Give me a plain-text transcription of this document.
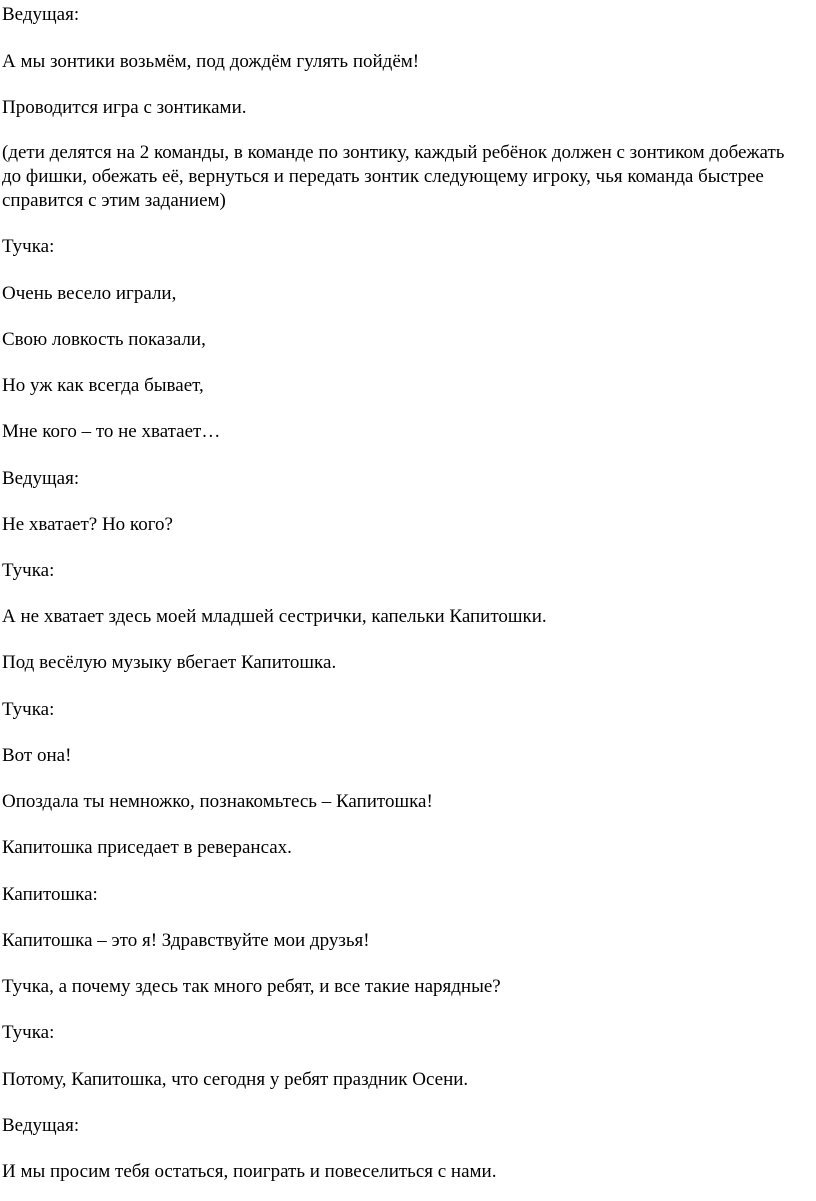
Ведущая:

А мы зонтики возьмём, под дождём гулять пойдём!

Проводится игра с зонтиками.

(дети делятся на 2 команды, в команде по зонтику, каждый ребёнок должен с зонтиком добежать до фишки, обежать её, вернуться и передать зонтик следующему игроку, чья команда быстрее справится с этим заданием)

Тучка:

Очень весело играли,

Свою ловкость показали,

Но уж как всегда бывает,

Мне кого – то не хватает…

Ведущая:

Не хватает? Но кого?

Тучка:

А не хватает здесь моей младшей сестрички, капельки Капитошки.

Под весёлую музыку вбегает Капитошка.

Тучка:

Вот она!

Опоздала ты немножко, познакомьтесь – Капитошка!

Капитошка приседает в реверансах.

Капитошка:

Капитошка – это я! Здравствуйте мои друзья!

Тучка, а почему здесь так много ребят, и все такие нарядные?

Тучка:

Потому, Капитошка, что сегодня у ребят праздник Осени.

Ведущая:

И мы просим тебя остаться, поиграть и повеселиться с нами.
